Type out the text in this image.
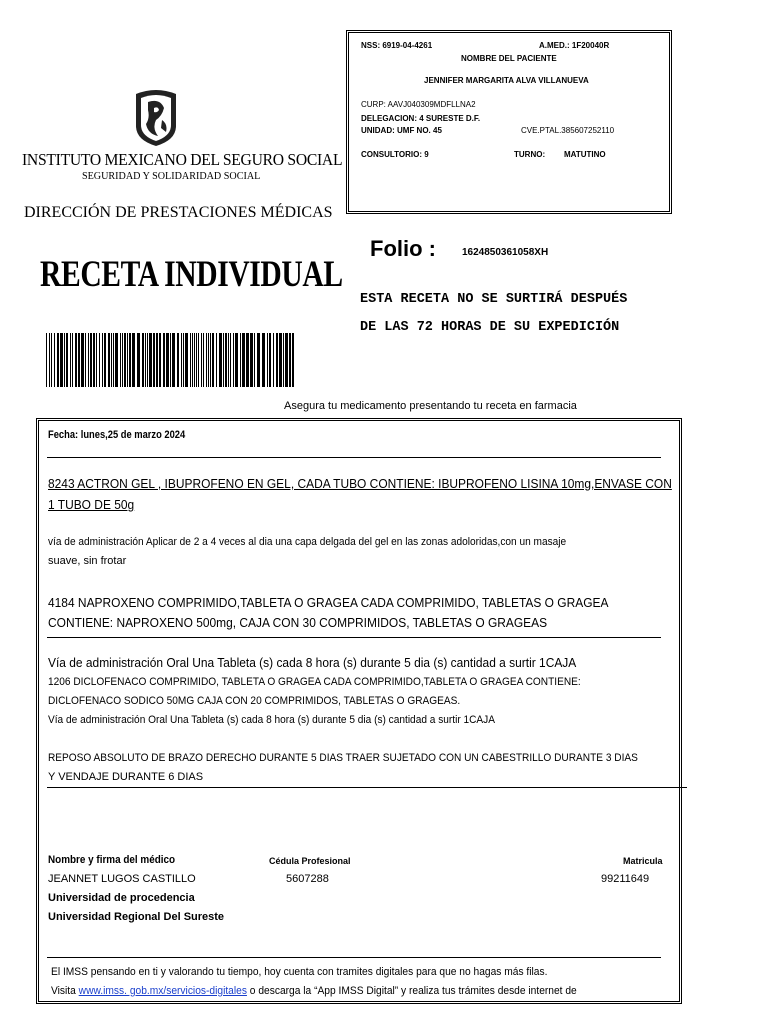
NSS: 6919-04-4261	A.MED.: 1F20040R
NOMBRE DEL PACIENTE
JENNIFER MARGARITA ALVA VILLANUEVA
CURP: AAVJ040309MDFLLNA2
DELEGACION: 4 SURESTE D.F.
UNIDAD: UMF NO. 45	CVE.PTAL.385607252110
CONSULTORIO: 9	TURNO: MATUTINO
INSTITUTO MEXICANO DEL SEGURO SOCIAL
SEGURIDAD Y SOLIDARIDAD SOCIAL
DIRECCIÓN DE PRESTACIONES MÉDICAS
RECETA INDIVIDUAL
Folio :	1624850361058XH
ESTA RECETA NO SE SURTIRÁ DESPUÉS
DE LAS 72 HORAS DE SU EXPEDICIÓN
Asegura tu medicamento presentando tu receta en farmacia
Fecha: lunes,25 de marzo 2024
8243 ACTRON GEL , IBUPROFENO EN GEL, CADA TUBO CONTIENE: IBUPROFENO LISINA 10mg,ENVASE CON
1 TUBO DE 50g
vía de administración Aplicar de 2 a 4 veces al dia una capa delgada del gel en las zonas adoloridas,con un masaje
suave, sin frotar
4184 NAPROXENO COMPRIMIDO,TABLETA O GRAGEA CADA COMPRIMIDO, TABLETAS O GRAGEA
CONTIENE: NAPROXENO 500mg, CAJA CON 30 COMPRIMIDOS, TABLETAS O GRAGEAS
Vía de administración Oral Una Tableta (s) cada 8 hora (s) durante 5 dia (s) cantidad a surtir 1CAJA
1206 DICLOFENACO COMPRIMIDO, TABLETA O GRAGEA CADA COMPRIMIDO,TABLETA O GRAGEA CONTIENE:
DICLOFENACO SODICO 50MG CAJA CON 20 COMPRIMIDOS, TABLETAS O GRAGEAS.
Vía de administración Oral Una Tableta (s) cada 8 hora (s) durante 5 dia (s) cantidad a surtir 1CAJA
REPOSO ABSOLUTO DE BRAZO DERECHO DURANTE 5 DIAS TRAER SUJETADO CON UN CABESTRILLO DURANTE 3 DIAS
Y VENDAJE DURANTE 6 DIAS
Nombre y firma del médico
JEANNET LUGOS CASTILLO
Cédula Profesional
5607288
Matricula
99211649
Universidad de procedencia
Universidad Regional Del Sureste
El IMSS pensando en ti y valorando tu tiempo, hoy cuenta con tramites digitales para que no hagas más filas.
Visita www.imss. gob.mx/servicios-digitales o descarga la “App IMSS Digital” y realiza tus trámites desde internet de
